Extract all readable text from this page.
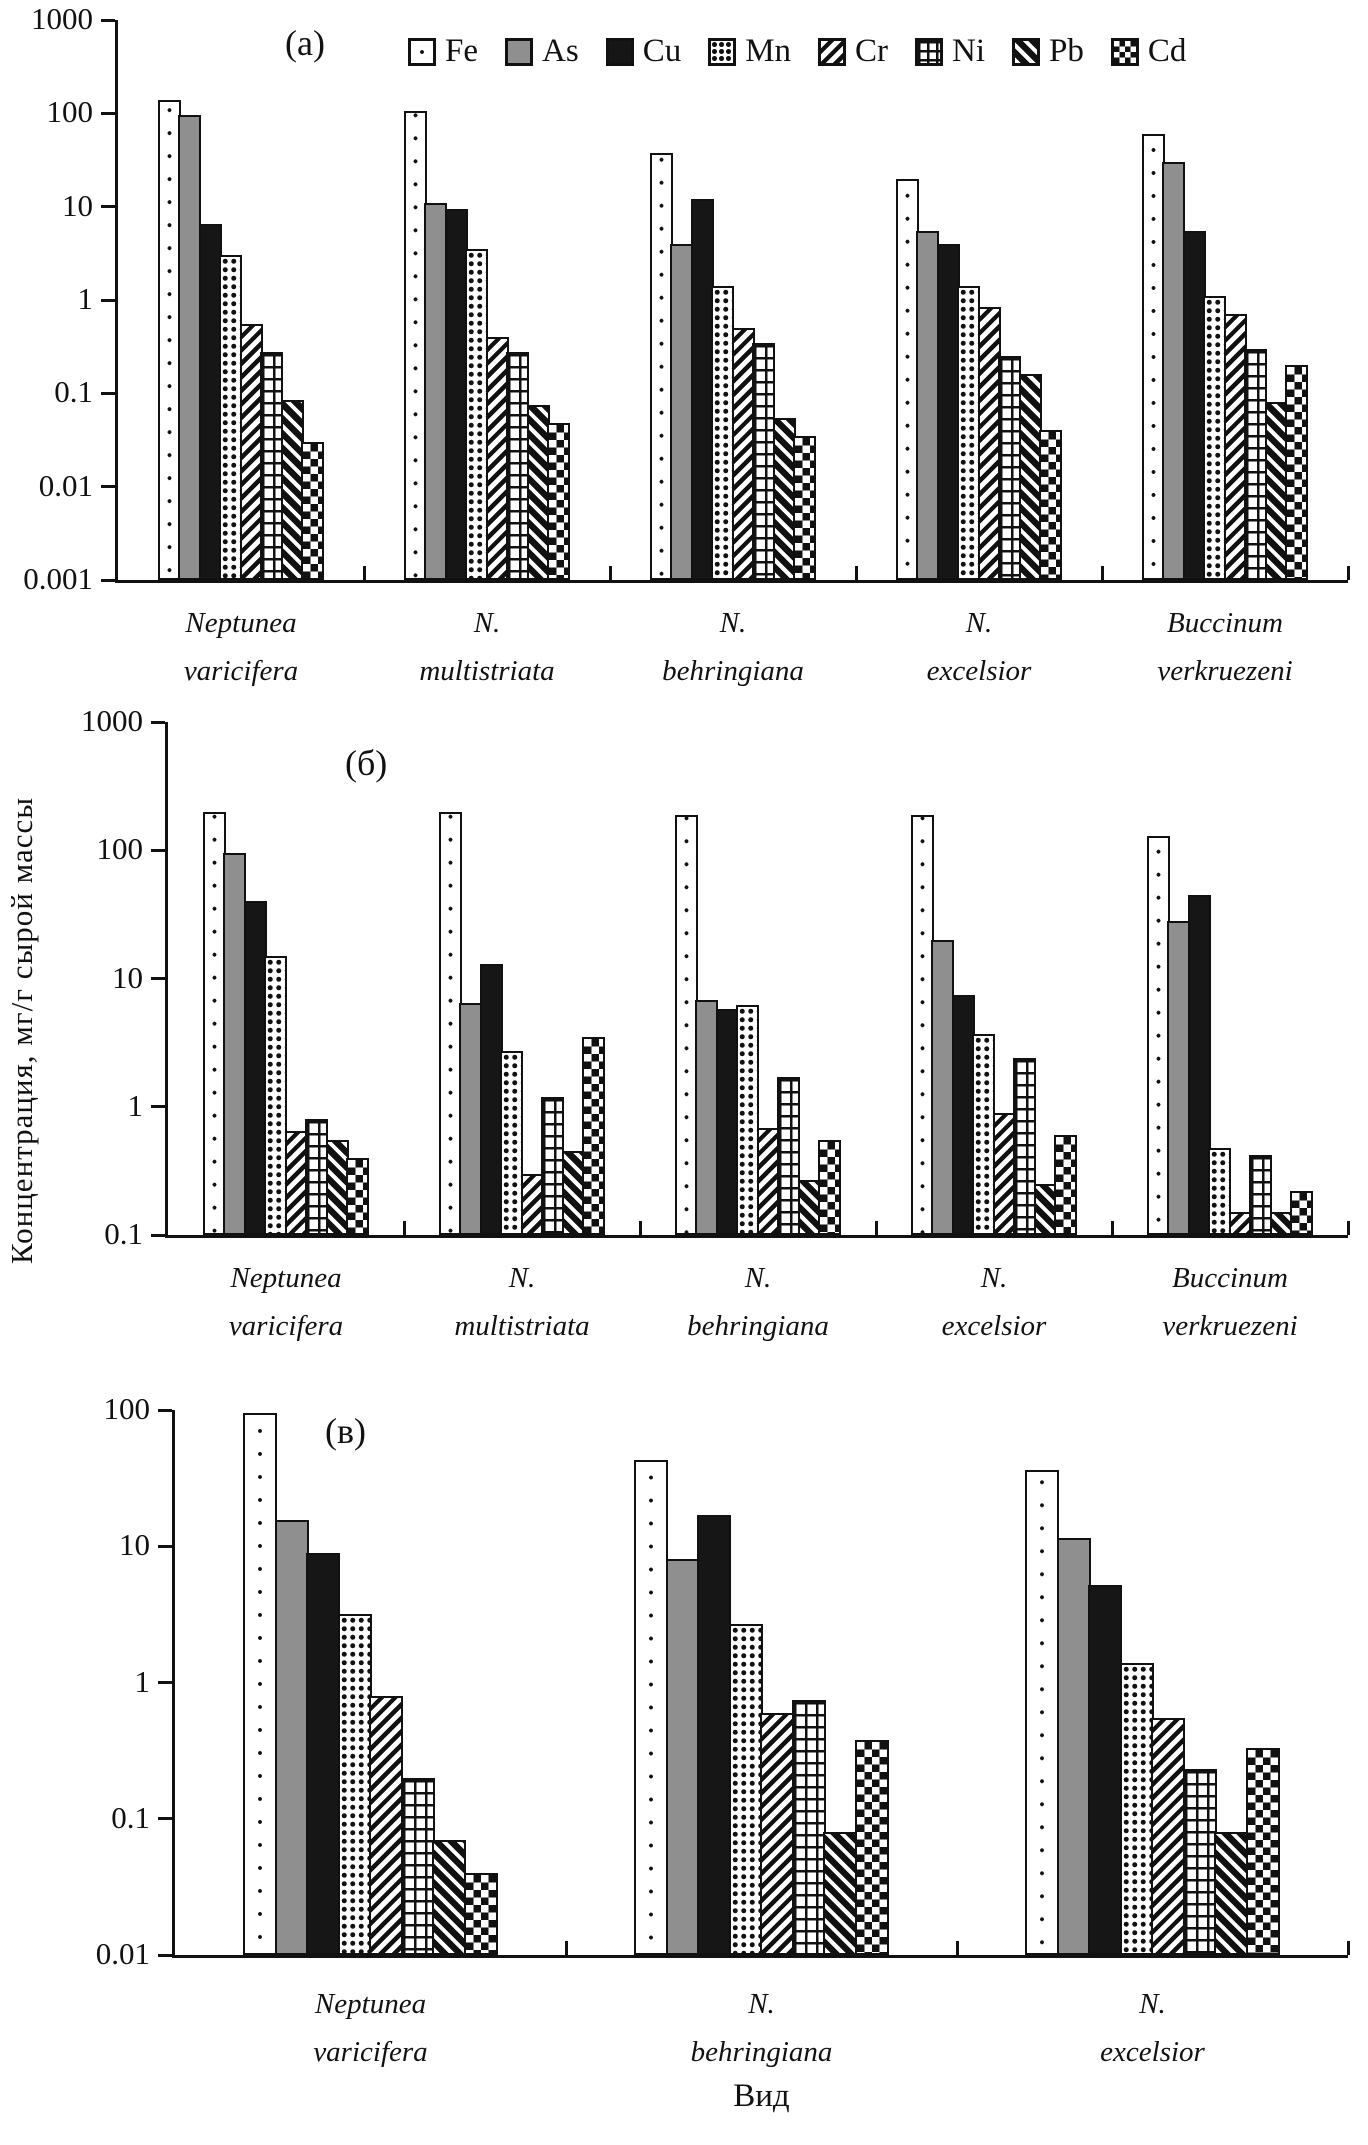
Концентрация, мг/г сырой массы
Fe As Cu Mn Cr Ni Pb Cd
1000
100
10
1
0.1
0.01
0.001
Neptunea
varicifera
N.
multistriata
N.
behringiana
N.
excelsior
Buccinum
verkruezeni
(а)
1000
100
10
1
0.1
Neptunea
varicifera
N.
multistriata
N.
behringiana
N.
excelsior
Buccinum
verkruezeni
(б)
100
10
1
0.1
0.01
Neptunea
varicifera
N.
behringiana
N.
excelsior
(в)
Вид
